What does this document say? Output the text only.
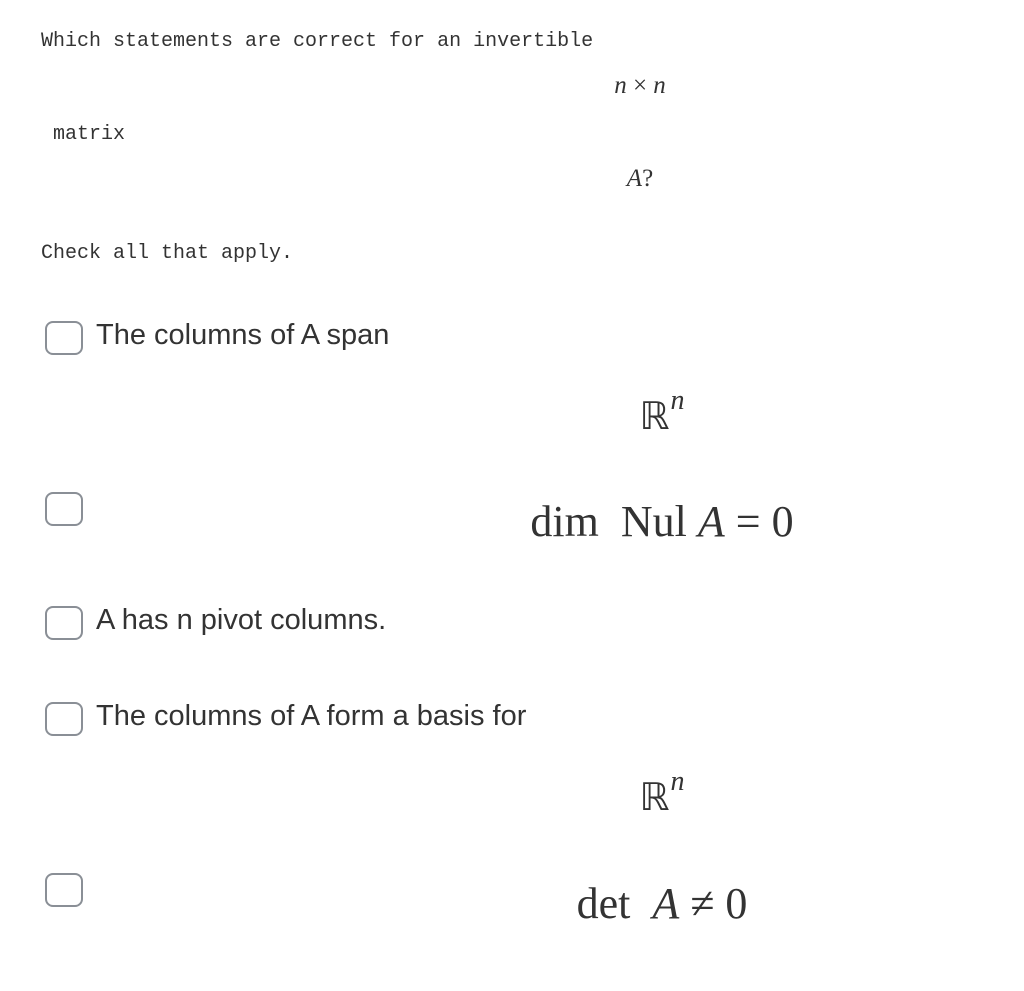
Which statements are correct for an invertible
n × n
matrix
A?
Check all that apply.
The columns of A span
ℝ$^n$
dim Nul A = 0
A has n pivot columns.
The columns of A form a basis for
ℝ$^n$
det A ≠ 0
